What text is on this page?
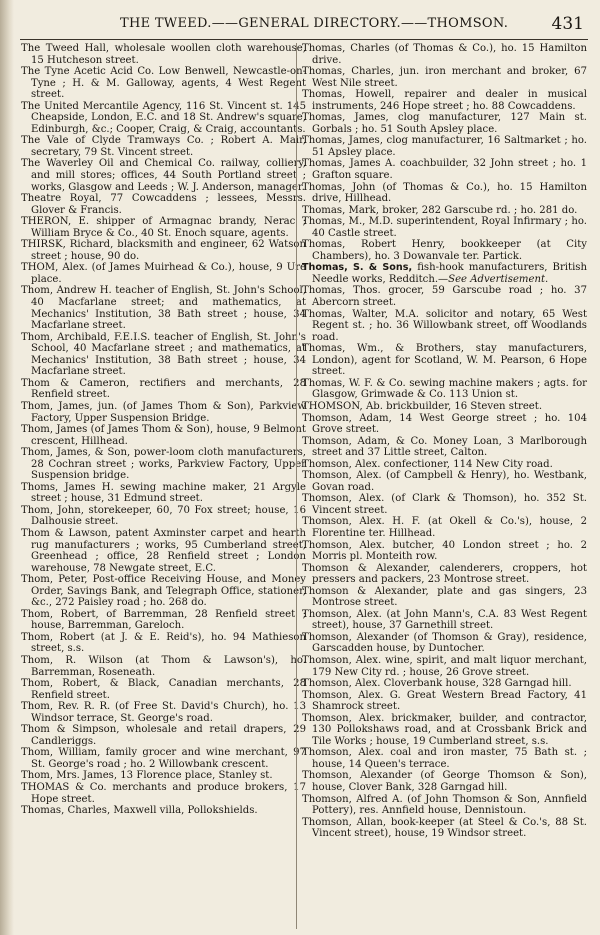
THE TWEED.——GENERAL DIRECTORY.——THOMSON.	431

The Tweed Hall, wholesale woollen cloth warehouse, 15 Hutcheson street.

The Tyne Acetic Acid Co. Low Benwell, Newcastle-on-Tyne ; H. & M. Galloway, agents, 4 West Regent street.

The United Mercantile Agency, 116 St. Vincent st. 145 Cheapside, London, E.C. and 18 St. Andrew's square, Edinburgh, &c.; Cooper, Craig, & Craig, accountants.

The Vale of Clyde Tramways Co. ; Robert A. Mair, secretary, 79 St. Vincent street.

The Waverley Oil and Chemical Co. railway, colliery, and mill stores; offices, 44 South Portland street ; works, Glasgow and Leeds ; W. J. Anderson, manager.

Theatre Royal, 77 Cowcaddens ; lessees, Messrs. Glover & Francis.

THERON, E. shipper of Armagnac brandy, Nerac ; William Bryce & Co., 40 St. Enoch square, agents.

THIRSK, Richard, blacksmith and engineer, 62 Watson street ; house, 90 do.

THOM, Alex. (of James Muirhead & Co.), house, 9 Ure place.

Thom, Andrew H. teacher of English, St. John's School, 40 Macfarlane street; and mathematics, at Mechanics' Institution, 38 Bath street ; house, 34 Macfarlane street.

Thom, Archibald, F.E.I.S. teacher of English, St. John's School, 40 Macfarlane street ; and mathematics, at Mechanics' Institution, 38 Bath street ; house, 34 Macfarlane street.

Thom & Cameron, rectifiers and merchants, 28 Renfield street.

Thom, James, jun. (of James Thom & Son), Parkview Factory, Upper Suspension Bridge.

Thom, James (of James Thom & Son), house, 9 Belmont crescent, Hillhead.

Thom, James, & Son, power-loom cloth manufacturers, 28 Cochran street ; works, Parkview Factory, Upper Suspension bridge.

Thoms, James H. sewing machine maker, 21 Argyle street ; house, 31 Edmund street.

Thom, John, storekeeper, 60, 70 Fox street; house, 16 Dalhousie street.

Thom & Lawson, patent Axminster carpet and hearth rug manufacturers ; works, 95 Cumberland street, Greenhead ; office, 28 Renfield street ; London warehouse, 78 Newgate street, E.C.

Thom, Peter, Post-office Receiving House, and Money Order, Savings Bank, and Telegraph Office, stationer, &c., 272 Paisley road ; ho. 268 do.

Thom, Robert, of Barremman, 28 Renfield street ; house, Barremman, Gareloch.

Thom, Robert (at J. & E. Reid's), ho. 94 Mathieson street, s.s.

Thom, R. Wilson (at Thom & Lawson's), ho. Barremman, Roseneath.

Thom, Robert, & Black, Canadian merchants, 28 Renfield street.

Thom, Rev. R. R. (of Free St. David's Church), ho. 13 Windsor terrace, St. George's road.

Thom & Simpson, wholesale and retail drapers, 29 Candleriggs.

Thom, William, family grocer and wine merchant, 97 St. George's road ; ho. 2 Willowbank crescent.

Thom, Mrs. James, 13 Florence place, Stanley st.

THOMAS & Co. merchants and produce brokers, 17 Hope street.

Thomas, Charles, Maxwell villa, Pollokshields.

Thomas, Charles (of Thomas & Co.), ho. 15 Hamilton drive.

Thomas, Charles, jun. iron merchant and broker, 67 West Nile street.

Thomas, Howell, repairer and dealer in musical instruments, 246 Hope street ; ho. 88 Cowcaddens.

Thomas, James, clog manufacturer, 127 Main st. Gorbals ; ho. 51 South Apsley place.

Thomas, James, clog manufacturer, 16 Saltmarket ; ho. 51 Apsley place.

Thomas, James A. coachbuilder, 32 John street ; ho. 1 Grafton square.

Thomas, John (of Thomas & Co.), ho. 15 Hamilton drive, Hillhead.

Thomas, Mark, broker, 282 Garscube rd. ; ho. 281 do.

Thomas, M., M.D. superintendent, Royal Infirmary ; ho. 40 Castle street.

Thomas, Robert Henry, bookkeeper (at City Chambers), ho. 3 Dowanvale ter. Partick.

Thomas, S. & Sons, fish-hook manufacturers, British Needle works, Redditch.—See Advertisement.

Thomas, Thos. grocer, 59 Garscube road ; ho. 37 Abercorn street.

Thomas, Walter, M.A. solicitor and notary, 65 West Regent st. ; ho. 36 Willowbank street, off Woodlands road.

Thomas, Wm., & Brothers, stay manufacturers, London), agent for Scotland, W. M. Pearson, 6 Hope street.

Thomas, W. F. & Co. sewing machine makers ; agts. for Glasgow, Grimwade & Co. 113 Union st.

THOMSON, Ab. brickbuilder, 16 Steven street.

Thomson, Adam, 14 West George street ; ho. 104 Grove street.

Thomson, Adam, & Co. Money Loan, 3 Marlborough street and 37 Little street, Calton.

Thomson, Alex. confectioner, 114 New City road.

Thomson, Alex. (of Campbell & Henry), ho. Westbank, Govan road.

Thomson, Alex. (of Clark & Thomson), ho. 352 St. Vincent street.

Thomson, Alex. H. F. (at Okell & Co.'s), house, 2 Florentine ter. Hillhead.

Thomson, Alex. butcher, 40 London street ; ho. 2 Morris pl. Monteith row.

Thomson & Alexander, calenderers, croppers, hot pressers and packers, 23 Montrose street.

Thomson & Alexander, plate and gas singers, 23 Montrose street.

Thomson, Alex. (at John Mann's, C.A. 83 West Regent street), house, 37 Garnethill street.

Thomson, Alexander (of Thomson & Gray), residence, Garscadden house, by Duntocher.

Thomson, Alex. wine, spirit, and malt liquor merchant, 179 New City rd. ; house, 26 Grove street.

Thomson, Alex. Cloverbank house, 328 Garngad hill.

Thomson, Alex. G. Great Western Bread Factory, 41 Shamrock street.

Thomson, Alex. brickmaker, builder, and contractor, 130 Pollokshaws road, and at Crossbank Brick and Tile Works ; house, 19 Cumberland street, s.s.

Thomson, Alex. coal and iron master, 75 Bath st. ; house, 14 Queen's terrace.

Thomson, Alexander (of George Thomson & Son), house, Clover Bank, 328 Garngad hill.

Thomson, Alfred A. (of John Thomson & Son, Annfield Pottery), res. Annfield house, Dennistoun.

Thomson, Allan, book-keeper (at Steel & Co.'s, 88 St. Vincent street), house, 19 Windsor street.
